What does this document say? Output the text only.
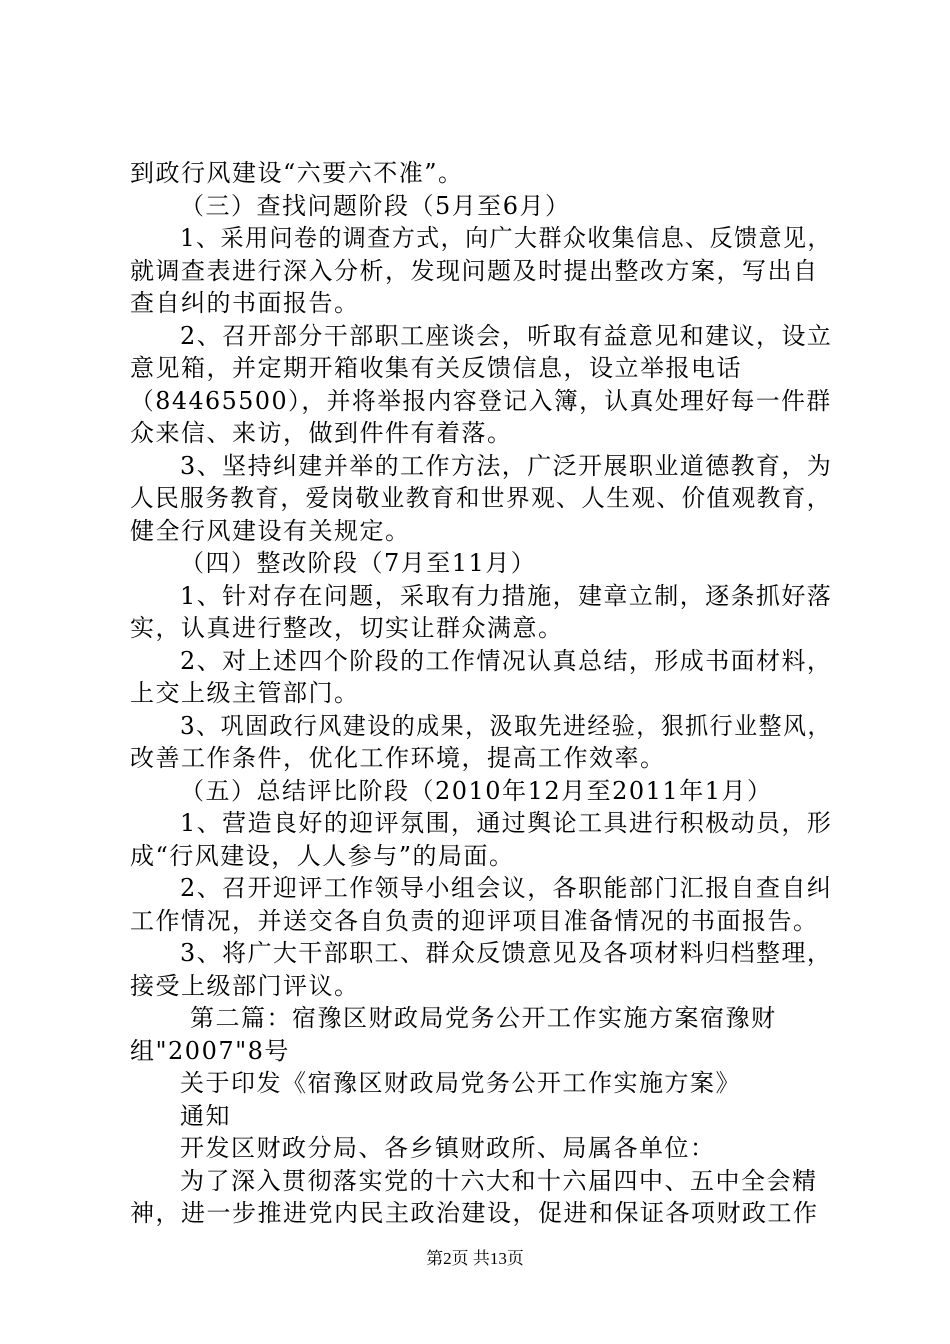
到政行风建设“六要六不准”。
（三）查找问题阶段（5月至6月）
1、采用问卷的调查方式，向广大群众收集信息、反馈意见，
就调查表进行深入分析，发现问题及时提出整改方案，写出自
查自纠的书面报告。
2、召开部分干部职工座谈会，听取有益意见和建议，设立
意见箱，并定期开箱收集有关反馈信息，设立举报电话
（84465500），并将举报内容登记入簿，认真处理好每一件群
众来信、来访，做到件件有着落。
3、坚持纠建并举的工作方法，广泛开展职业道德教育，为
人民服务教育，爱岗敬业教育和世界观、人生观、价值观教育，
健全行风建设有关规定。
（四）整改阶段（7月至11月）
1、针对存在问题，采取有力措施，建章立制，逐条抓好落
实，认真进行整改，切实让群众满意。
2、对上述四个阶段的工作情况认真总结，形成书面材料，
上交上级主管部门。
3、巩固政行风建设的成果，汲取先进经验，狠抓行业整风，
改善工作条件，优化工作环境，提高工作效率。
（五）总结评比阶段（2010年12月至2011年1月）
1、营造良好的迎评氛围，通过舆论工具进行积极动员，形
成“行风建设，人人参与”的局面。
2、召开迎评工作领导小组会议，各职能部门汇报自查自纠
工作情况，并送交各自负责的迎评项目准备情况的书面报告。
3、将广大干部职工、群众反馈意见及各项材料归档整理，
接受上级部门评议。
第二篇：宿豫区财政局党务公开工作实施方案宿豫财
组"2007"8号
关于印发《宿豫区财政局党务公开工作实施方案》
通知
开发区财政分局、各乡镇财政所、局属各单位：
为了深入贯彻落实党的十六大和十六届四中、五中全会精
神，进一步推进党内民主政治建设，促进和保证各项财政工作
第2页 共13页
